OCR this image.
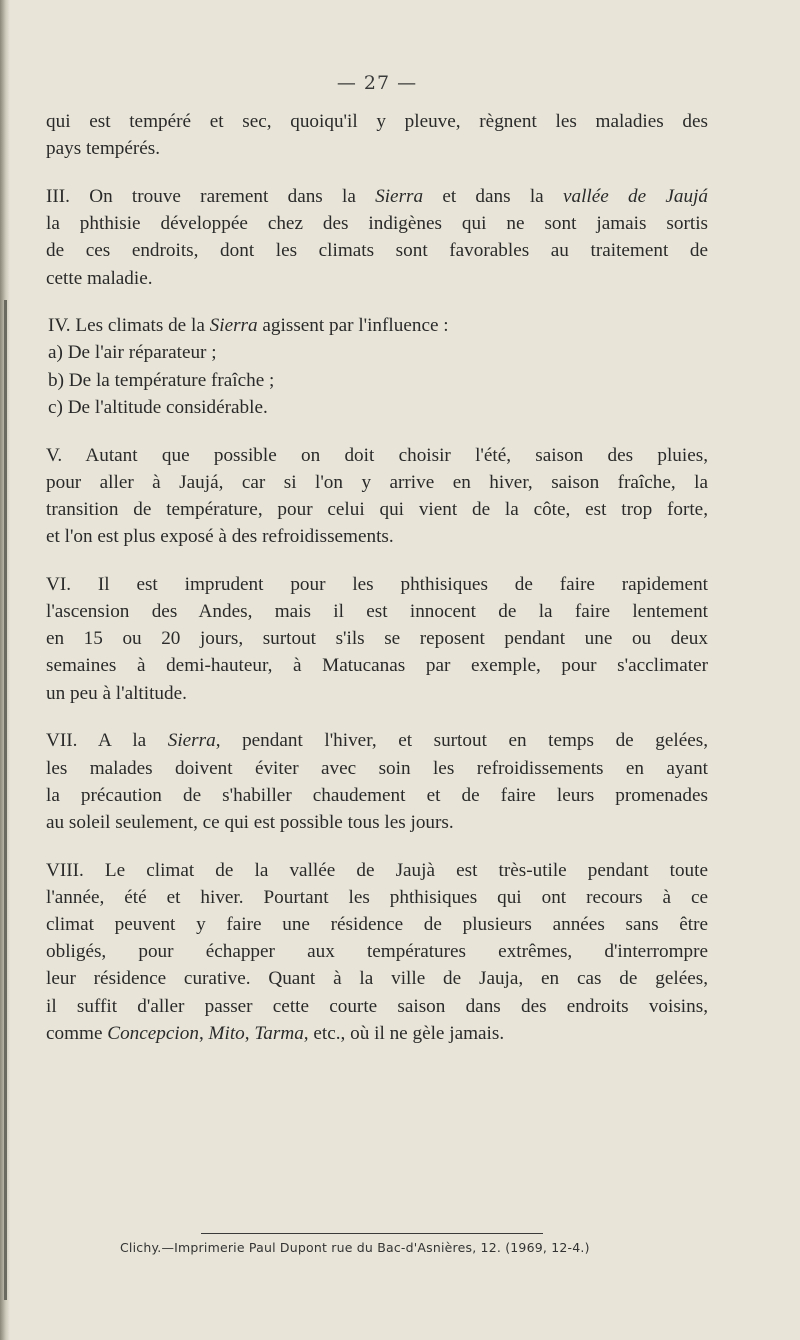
— 27 —

qui est tempéré et sec, quoiqu'il y pleuve, règnent les maladies des
pays tempérés.

III. On trouve rarement dans la Sierra et dans la vallée de Jaujá
la phthisie développée chez des indigènes qui ne sont jamais sortis
de ces endroits, dont les climats sont favorables au traitement de
cette maladie.

IV. Les climats de la Sierra agissent par l'influence :
a) De l'air réparateur ;
b) De la température fraîche ;
c) De l'altitude considérable.

V. Autant que possible on doit choisir l'été, saison des pluies,
pour aller à Jaujá, car si l'on y arrive en hiver, saison fraîche, la
transition de température, pour celui qui vient de la côte, est trop forte,
et l'on est plus exposé à des refroidissements.

VI. Il est imprudent pour les phthisiques de faire rapidement
l'ascension des Andes, mais il est innocent de la faire lentement
en 15 ou 20 jours, surtout s'ils se reposent pendant une ou deux
semaines à demi-hauteur, à Matucanas par exemple, pour s'acclimater
un peu à l'altitude.

VII. A la Sierra, pendant l'hiver, et surtout en temps de gelées,
les malades doivent éviter avec soin les refroidissements en ayant
la précaution de s'habiller chaudement et de faire leurs promenades
au soleil seulement, ce qui est possible tous les jours.

VIII. Le climat de la vallée de Jaujà est très-utile pendant toute
l'année, été et hiver. Pourtant les phthisiques qui ont recours à ce
climat peuvent y faire une résidence de plusieurs années sans être
obligés, pour échapper aux températures extrêmes, d'interrompre
leur résidence curative. Quant à la ville de Jauja, en cas de gelées,
il suffit d'aller passer cette courte saison dans des endroits voisins,
comme Concepcion, Mito, Tarma, etc., où il ne gèle jamais.

Clichy.—Imprimerie Paul Dupont rue du Bac-d'Asnières, 12. (1969, 12-4.)
